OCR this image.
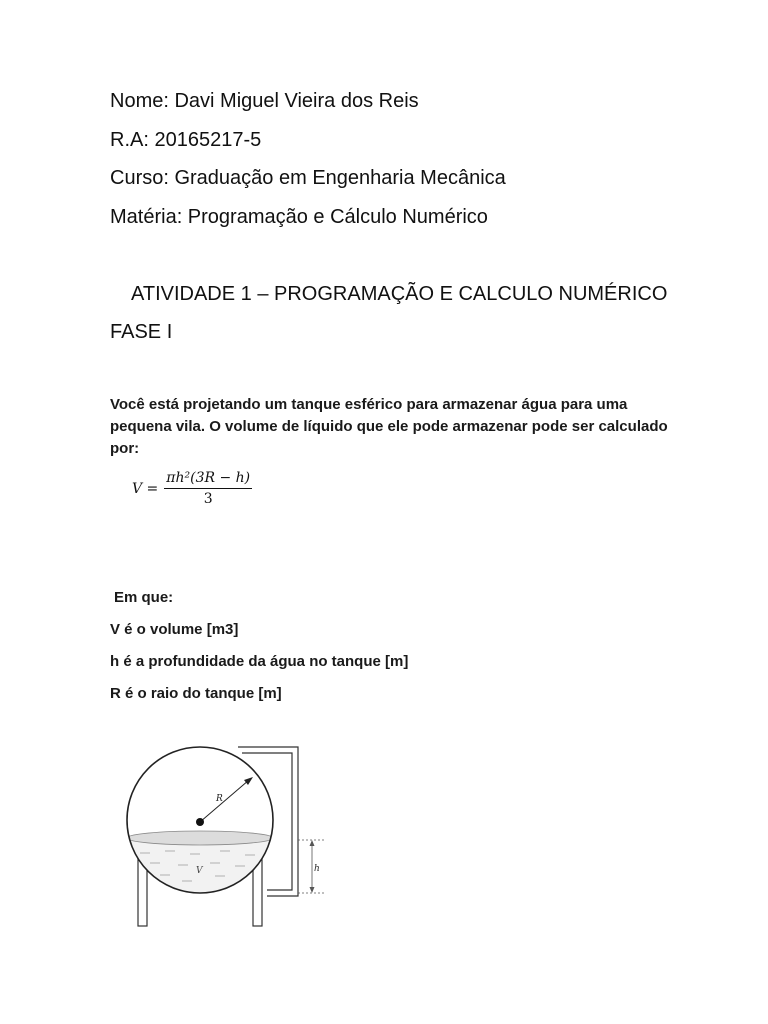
Nome: Davi Miguel Vieira dos Reis
R.A: 20165217-5
Curso: Graduação em Engenharia Mecânica
Matéria: Programação e Cálculo Numérico
ATIVIDADE 1 – PROGRAMAÇÃO E CALCULO NUMÉRICO
FASE I
Você está projetando um tanque esférico para armazenar água para uma pequena vila. O volume de líquido que ele pode armazenar pode ser calculado por:
$V = \frac{\text{πh²(3R − h)}}{3}$
Em que:
V é o volume [m3]
h é a profundidade da água no tanque [m]
R é o raio do tanque [m]
R
V	h
